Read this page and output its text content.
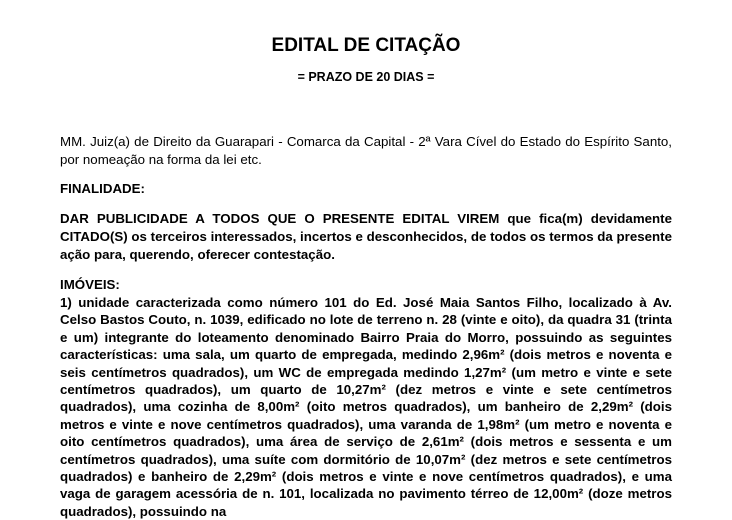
EDITAL DE CITAÇÃO
= PRAZO DE 20 DIAS =
MM. Juiz(a) de Direito da Guarapari - Comarca da Capital - 2ª Vara Cível do Estado do Espírito Santo, por nomeação na forma da lei etc.
FINALIDADE:
DAR PUBLICIDADE A TODOS QUE O PRESENTE EDITAL VIREM que fica(m) devidamente CITADO(S) os terceiros interessados, incertos e desconhecidos, de todos os termos da presente ação para, querendo, oferecer contestação.
IMÓVEIS:
1) unidade caracterizada como número 101 do Ed. José Maia Santos Filho, localizado à Av. Celso Bastos Couto, n. 1039, edificado no lote de terreno n. 28 (vinte e oito), da quadra 31 (trinta e um) integrante do loteamento denominado Bairro Praia do Morro, possuindo as seguintes características: uma sala, um quarto de empregada, medindo 2,96m² (dois metros e noventa e seis centímetros quadrados), um WC de empregada medindo 1,27m² (um metro e vinte e sete centímetros quadrados), um quarto de 10,27m² (dez metros e vinte e sete centímetros quadrados), uma cozinha de 8,00m² (oito metros quadrados), um banheiro de 2,29m² (dois metros e vinte e nove centímetros quadrados), uma varanda de 1,98m² (um metro e noventa e oito centímetros quadrados), uma área de serviço de 2,61m² (dois metros e sessenta e um centímetros quadrados), uma suíte com dormitório de 10,07m² (dez metros e sete centímetros quadrados) e banheiro de 2,29m² (dois metros e vinte e nove centímetros quadrados), e uma vaga de garagem acessória de n. 101, localizada no pavimento térreo de 12,00m² (doze metros quadrados), possuindo na
